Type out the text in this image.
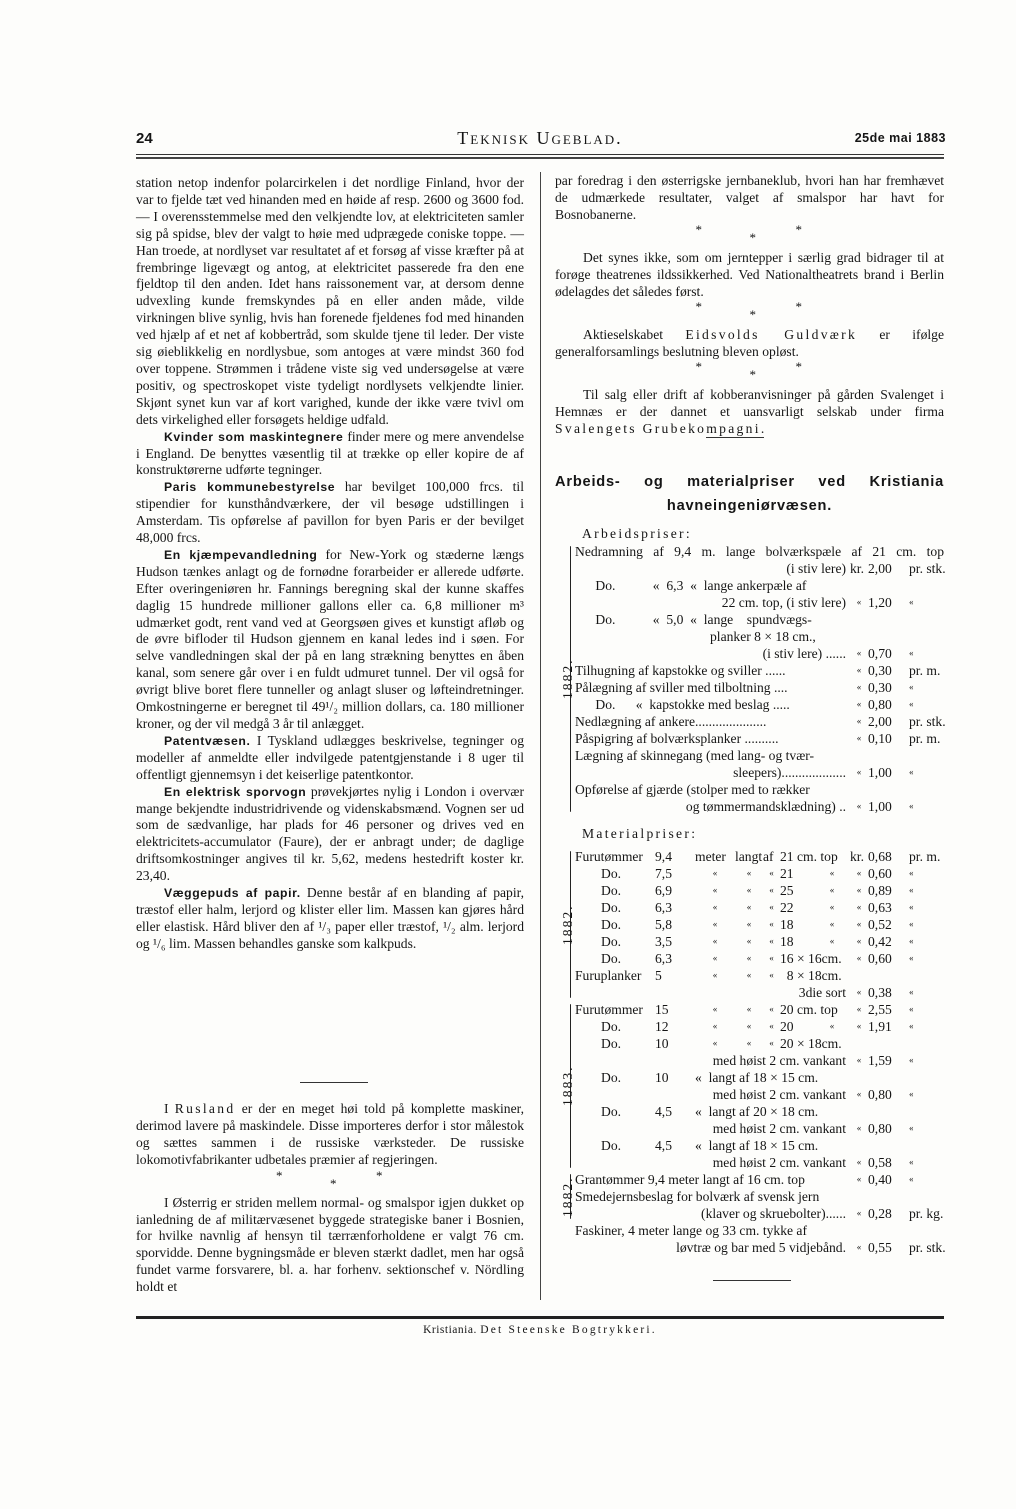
24	Teknisk Ugeblad.	25de mai 1883

station netop indenfor polarcirkelen i det nordlige Finland, hvor der var to fjelde tæt ved hinanden med en høide af resp. 2600 og 3600 fod. — I overensstemmelse med den velkjendte lov, at elektriciteten samler sig på spidse, blev der valgt to høie med udprægede coniske toppe. — Han troede, at nordlyset var resultatet af et forsøg af visse kræfter på at frembringe ligevægt og antog, at elektricitet passerede fra den ene fjeldtop til den anden. Idet hans raissonement var, at dersom denne udvexling kunde fremskyndes på en eller anden måde, vilde virkningen blive synlig, hvis han forenede fjeldenes fod med hinanden ved hjælp af et net af kobbertråd, som skulde tjene til leder. Der viste sig øieblikkelig en nordlysbue, som antoges at være mindst 360 fod over toppene. Strømmen i trådene viste sig ved undersøgelse at være positiv, og spectroskopet viste tydeligt nordlysets velkjendte linier. Skjønt synet kun var af kort varighed, kunde der ikke være tvivl om dets virkelighed eller forsøgets heldige udfald.

Kvinder som maskintegnere finder mere og mere anvendelse i England. De benyttes væsentlig til at trække op eller kopire de af konstruktørerne udførte tegninger.

Paris kommunebestyrelse har bevilget 100,000 frcs. til stipendier for kunsthåndværkere, der vil besøge udstillingen i Amsterdam. Tis opførelse af pavillon for byen Paris er der bevilget 48,000 frcs.

En kjæmpevandledning for New-York og stæderne længs Hudson tænkes anlagt og de fornødne forarbeider er allerede udførte. Efter overingeniøren hr. Fannings beregning skal der kunne skaffes daglig 15 hundrede millioner gallons eller ca. 6,8 millioner m³ udmærket godt, rent vand ved at Georgsøen gives et kunstigt afløb og de øvre bifloder til Hudson gjennem en kanal ledes ind i søen. For selve vandledningen skal der på en lang strækning benyttes en åben kanal, som senere går over i en fuldt udmuret tunnel. Der vil også for øvrigt blive boret flere tunneller og anlagt sluser og løfteindretninger. Omkostningerne er beregnet til 49¹/₂ million dollars, ca. 180 millioner kroner, og der vil medgå 3 år til anlægget.

Patentvæsen. I Tyskland udlægges beskrivelse, tegninger og modeller af anmeldte eller indvilgede patentgjenstande i 8 uger til offentligt gjennemsyn i det keiserlige patentkontor.

En elektrisk sporvogn prøvekjørtes nylig i London i overvær mange bekjendte industridrivende og videnskabsmænd. Vognen ser ud som de sædvanlige, har plads for 46 personer og drives ved en elektricitets-accumulator (Faure), der er anbragt under; de daglige driftsomkostninger angives til kr. 5,62, medens hestedrift koster kr. 23,40.

Væggepuds af papir. Denne består af en blanding af papir, træstof eller halm, lerjord og klister eller lim. Massen kan gjøres hård eller elastisk. Hård bliver den af ¹/₃ paper eller træstof, ¹/₂ alm. lerjord og ¹/₆ lim. Massen behandles ganske som kalkpuds.

I Rusland er der en meget høi told på komplette maskiner, derimod lavere på maskindele. Disse importeres derfor i stor målestok og sættes sammen i de russiske værksteder. De russiske lokomotivfabrikanter udbetales præmier af regjeringen.

*
*
*

I Østerrig er striden mellem normal- og smalspor igjen dukket op ianledning de af militærvæsenet byggede strategiske baner i Bosnien, for hvilke navnlig af hensyn til tærrænforholdene er valgt 76 cm. sporvidde. Denne bygningsmåde er bleven stærkt dadlet, men har også fundet varme forsvarere, bl. a. har forhenv. sektionschef v. Nördling holdt et

par foredrag i den østerrigske jernbaneklub, hvori han har fremhævet de udmærkede resultater, valget af smalspor har havt for Bosnobanerne.

*
*
*

Det synes ikke, som om jerntepper i særlig grad bidrager til at forøge theatrenes ildssikkerhed. Ved Nationaltheatrets brand i Berlin ødelagdes det således først.

*
*
*

Aktieselskabet Eidsvolds Guldværk er ifølge generalforsamlings beslutning bleven opløst.

*
*
*

Til salg eller drift af kobberanvisninger på gården Svalenget i Hemnæs er der dannet et uansvarligt selskab under firma Svalengets Grubekompagni.

Arbeids- og materialpriser ved Kristiania
havneingeniørvæsen.
Arbeidspriser:
Nedramning af 9,4 m. lange bolværkspæle af 21 cm. top
(i stiv lere) kr. 2,00	pr. stk.
Do.           «  6,3  «  lange ankerpæle af
22 cm. top, (i stiv lere)	« 1,20	«
Do.           «  5,0  «  lange    spundvægs-
planker 8 × 18 cm.,
(i stiv lere) ......	« 0,70	«
Tilhugning af kapstokke og sviller ......	« 0,30	pr. m.
Pålægning af sviller med tilboltning ....	« 0,30	«
Do.      «  kapstokke med beslag .....	« 0,80	«
Nedlægning af ankere.....................	« 2,00	pr. stk.
Påspigring af bolværksplanker ..........	« 0,10	pr. m.
Lægning af skinnegang (med lang- og tvær-
sleepers)...................	« 1,00	«
Opførelse af gjærde (stolper med to rækker
og tømmermandsklædning) ..	« 1,00	«
1882.
Materialpriser:
Furutømmer 9,4	meter langt af 21 cm. top kr. 0,68	pr. m.
Do.	7,5	«	«	« 21	«	« 0,60	«
Do.	6,9	«	«	« 25	«	« 0,89	«
Do.	6,3	«	«	« 22	«	« 0,63	«
Do.	5,8	«	«	« 18	«	« 0,52	«
Do.	3,5	«	«	« 18	«	« 0,42	«
Do.	6,3	«	«	« 16 × 16cm.	« 0,60	«
Furuplanker 5	«	«	« 8 × 18cm.
3die sort	« 0,38	«
1882.
Furutømmer 15	«	«	« 20 cm. top	« 2,55	«
Do.	12	«	«	« 20	«	« 1,91	«
Do.	10	«	«	« 20 × 18cm.
med høist 2 cm. vankant	« 1,59	«
Do.	10	«  langt af 18 × 15 cm.
med høist 2 cm. vankant	« 0,80	«
Do.	4,5	«  langt af 20 × 18 cm.
med høist 2 cm. vankant	« 0,80	«
Do.	4,5	«  langt af 18 × 15 cm.
med høist 2 cm. vankant	« 0,58	«
1883.
Grantømmer 9,4 meter langt af 16 cm. top	« 0,40	«
Smedejernsbeslag for bolværk af svensk jern
(klaver og skruebolter)......	« 0,28	pr. kg.
1882.
Faskiner, 4 meter lange og 33 cm. tykke af
løvtræ og bar med 5 vidjebånd.	« 0,55	pr. stk.
Kristiania. Det Steenske Bogtrykkeri.
